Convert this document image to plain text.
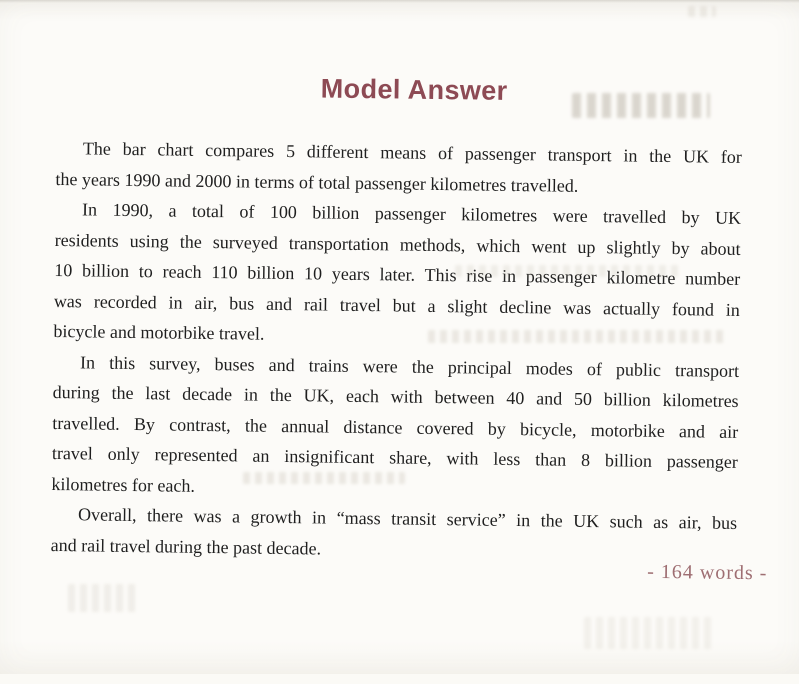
Model Answer
The bar chart compares 5 different means of passenger transport in the UK for
the years 1990 and 2000 in terms of total passenger kilometres travelled.
In 1990, a total of 100 billion passenger kilometres were travelled by UK
residents using the surveyed transportation methods, which went up slightly by about
10 billion to reach 110 billion 10 years later. This rise in passenger kilometre number
was recorded in air, bus and rail travel but a slight decline was actually found in
bicycle and motorbike travel.
In this survey, buses and trains were the principal modes of public transport
during the last decade in the UK, each with between 40 and 50 billion kilometres
travelled. By contrast, the annual distance covered by bicycle, motorbike and air
travel only represented an insignificant share, with less than 8 billion passenger
kilometres for each.
Overall, there was a growth in “mass transit service” in the UK such as air, bus
and rail travel during the past decade.
- 164 words -
